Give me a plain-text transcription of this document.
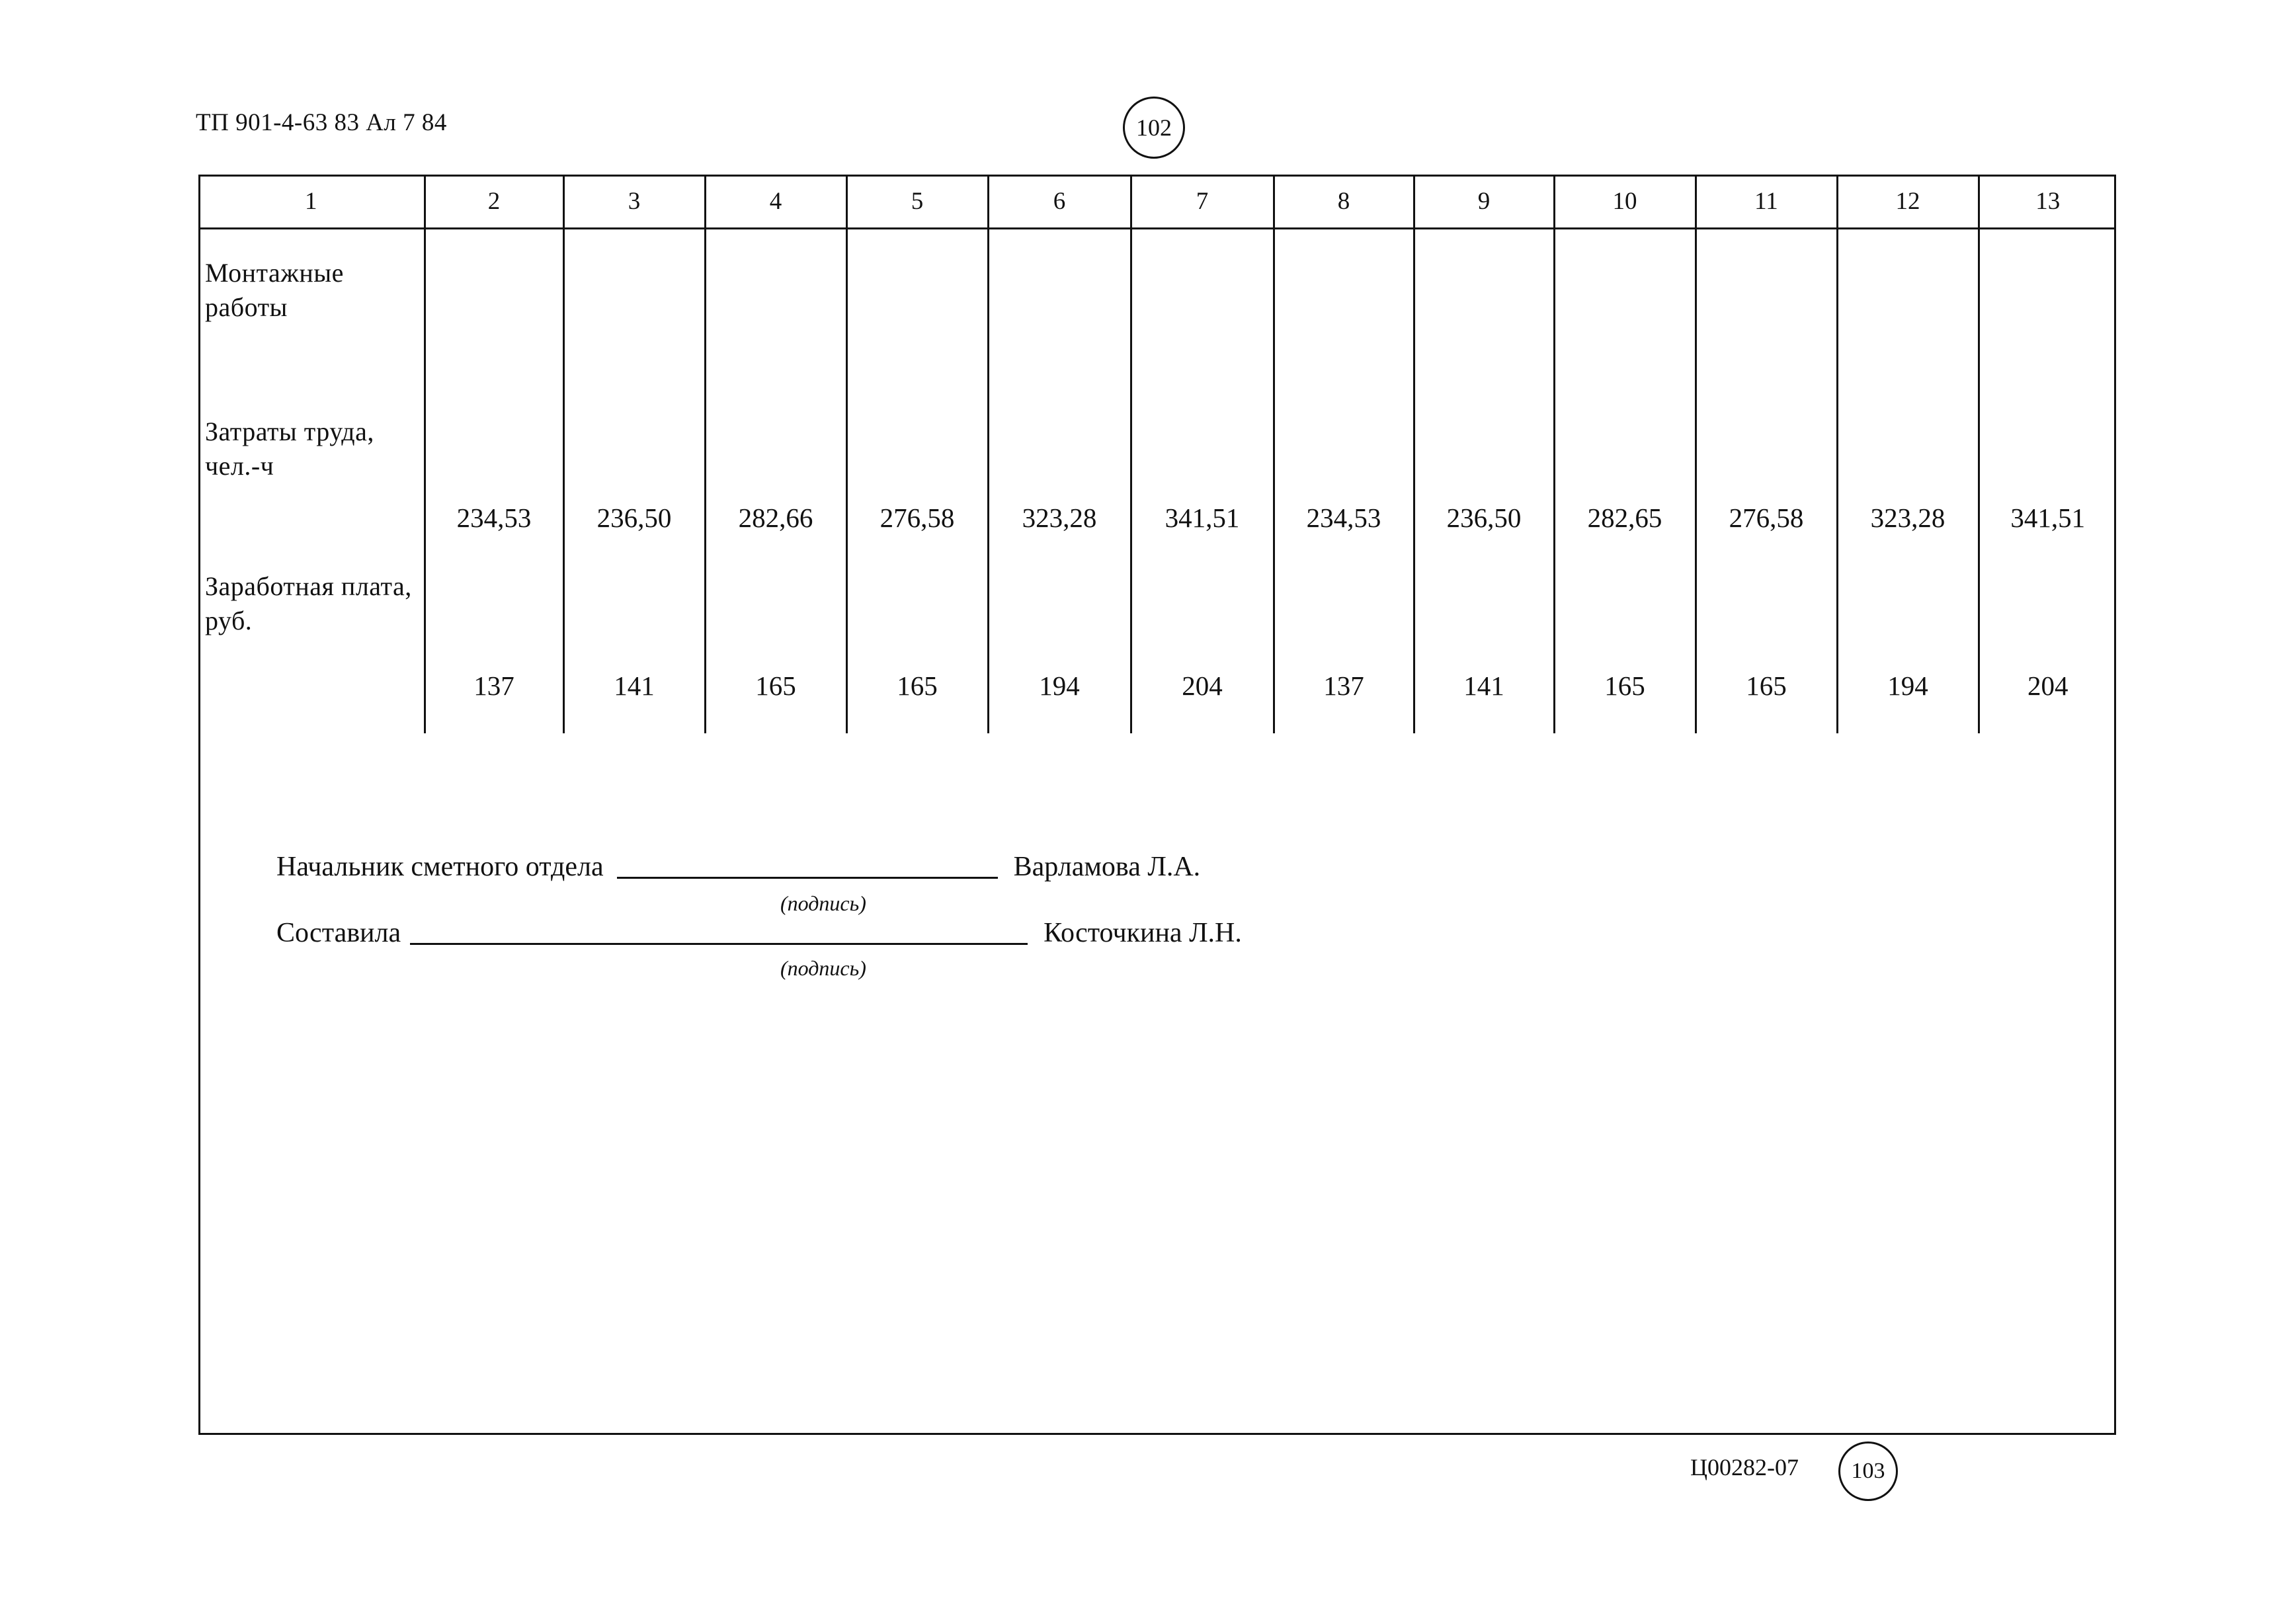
ТП 901-4-63 83 Ал 7 84	102
1	2	3	4	5	6	7	8	9	10	11	12	13
Монтажные работы												
Затраты труда, чел.-ч	234,53	236,50	282,66	276,58	323,28	341,51	234,53	236,50	282,65	276,58	323,28	341,51
Заработная плата, руб.	137	141	165	165	194	204	137	141	165	165	194	204
Начальник сметного отдела	Варламова Л.А.
(подпись)
Составила	Косточкина Л.Н.
(подпись)
Ц00282-07	103
